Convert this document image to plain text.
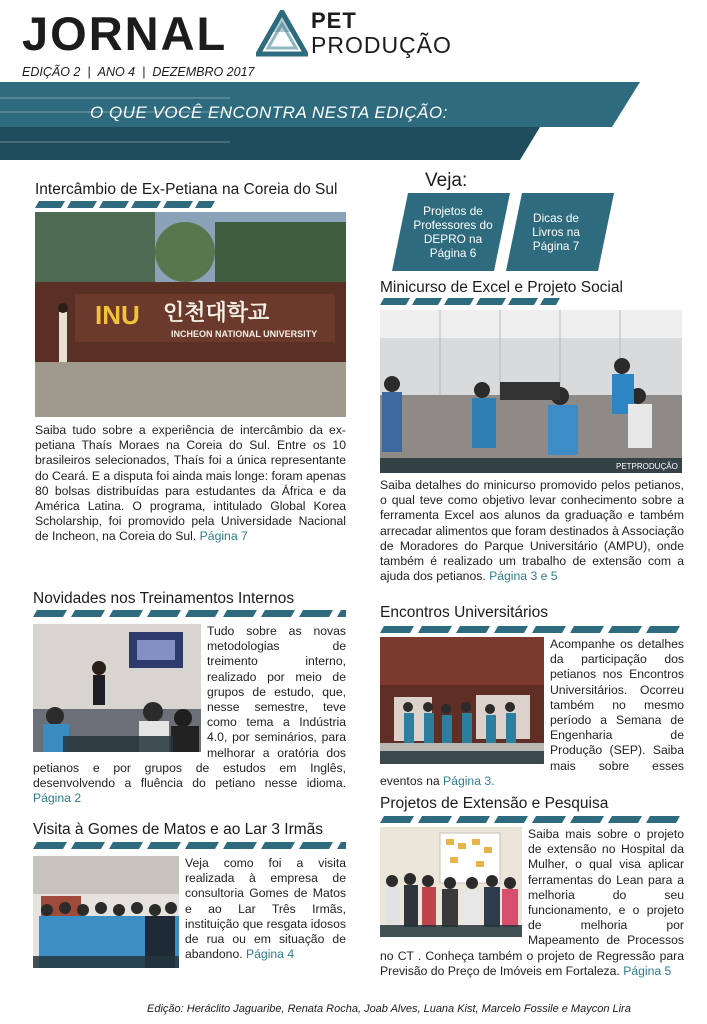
JORNAL	PET
PRODUÇÃO
EDIÇÃO 2 | ANO 4 | DEZEMBRO 2017
O QUE VOCÊ ENCONTRA NESTA EDIÇÃO:
Intercâmbio de Ex-Petiana na Coreia do Sul
INU 인천대학교
INCHEON NATIONAL UNIVERSITY
Saiba tudo sobre a experiência de intercâmbio da ex-petiana Thaís Moraes na Coreia do Sul. Entre os 10 brasileiros selecionados, Thaís foi a única representante do Ceará. E a disputa foi ainda mais longe: foram apenas 80 bolsas distribuídas para estudantes da África e da América Latina. O programa, intitulado Global Korea Scholarship, foi promovido pela Universidade Nacional de Incheon, na Coreia do Sul. Página 7
Novidades nos Treinamentos Internos
Tudo sobre as novas metodologias de treimento interno, realizado por meio de grupos de estudo, que, nesse semestre, teve como tema a Indústria 4.0, por seminários, para melhorar a oratória dos petianos e por grupos de estudos em Inglês, desenvolvendo a fluência do petiano nesse idioma. Página 2
Visita à Gomes de Matos e ao Lar 3 Irmãs
Veja como foi a visita realizada à empresa de consultoria Gomes de Matos e ao Lar Três Irmãs, instituição que resgata idosos de rua ou em situação de abandono. Página 4
Veja:
Projetos de Professores do DEPRO na Página 6
Dicas de Livros na Página 7
Minicurso de Excel e Projeto Social
PETPRODUÇÃO
Saiba detalhes do minicurso promovido pelos petianos, o qual teve como objetivo levar conhecimento sobre a ferramenta Excel aos alunos da graduação e também arrecadar alimentos que foram destinados à Associação de Moradores do Parque Universitário (AMPU), onde também é realizado um trabalho de extensão com a ajuda dos petianos. Página 3 e 5
Encontros Universitários
Acompanhe os detalhes da participação dos petianos nos Encontros Universitários. Ocorreu também no mesmo período a Semana de Engenharia de Produção (SEP). Saiba mais sobre esses eventos na Página 3.
Projetos de Extensão e Pesquisa
Saiba mais sobre o projeto de extensão no Hospital da Mulher, o qual visa aplicar ferramentas do Lean para a melhoria do seu funcionamento, e o projeto de melhoria por Mapeamento de Processos no CT . Conheça também o projeto de Regressão para Previsão do Preço de Imóveis em Fortaleza. Página 5
Edição: Heráclito Jaguaribe, Renata Rocha, Joab Alves, Luana Kist, Marcelo Fossile e Maycon Lira
